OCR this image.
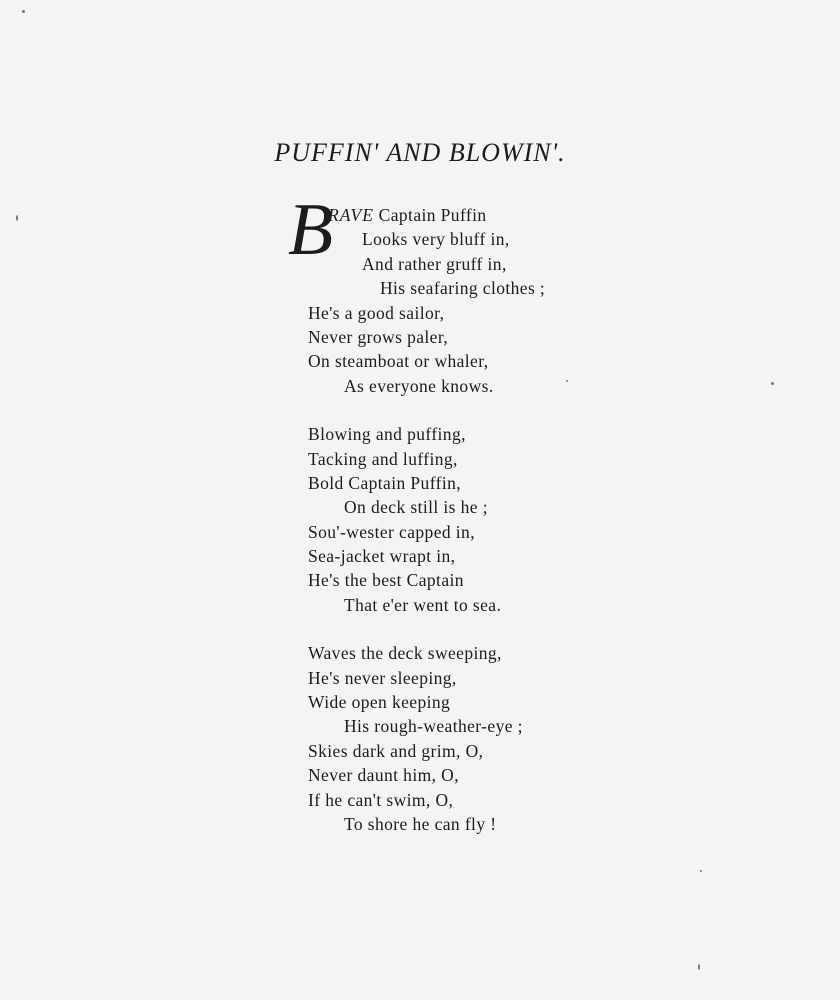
PUFFIN' AND BLOWIN'.
B
RAVE Captain Puffin
Looks very bluff in,
And rather gruff in,
His seafaring clothes ;
He's a good sailor,
Never grows paler,
On steamboat or whaler,
As everyone knows.
Blowing and puffing,
Tacking and luffing,
Bold Captain Puffin,
On deck still is he ;
Sou'-wester capped in,
Sea-jacket wrapt in,
He's the best Captain
That e'er went to sea.
Waves the deck sweeping,
He's never sleeping,
Wide open keeping
His rough-weather-eye ;
Skies dark and grim, O,
Never daunt him, O,
If he can't swim, O,
To shore he can fly !
